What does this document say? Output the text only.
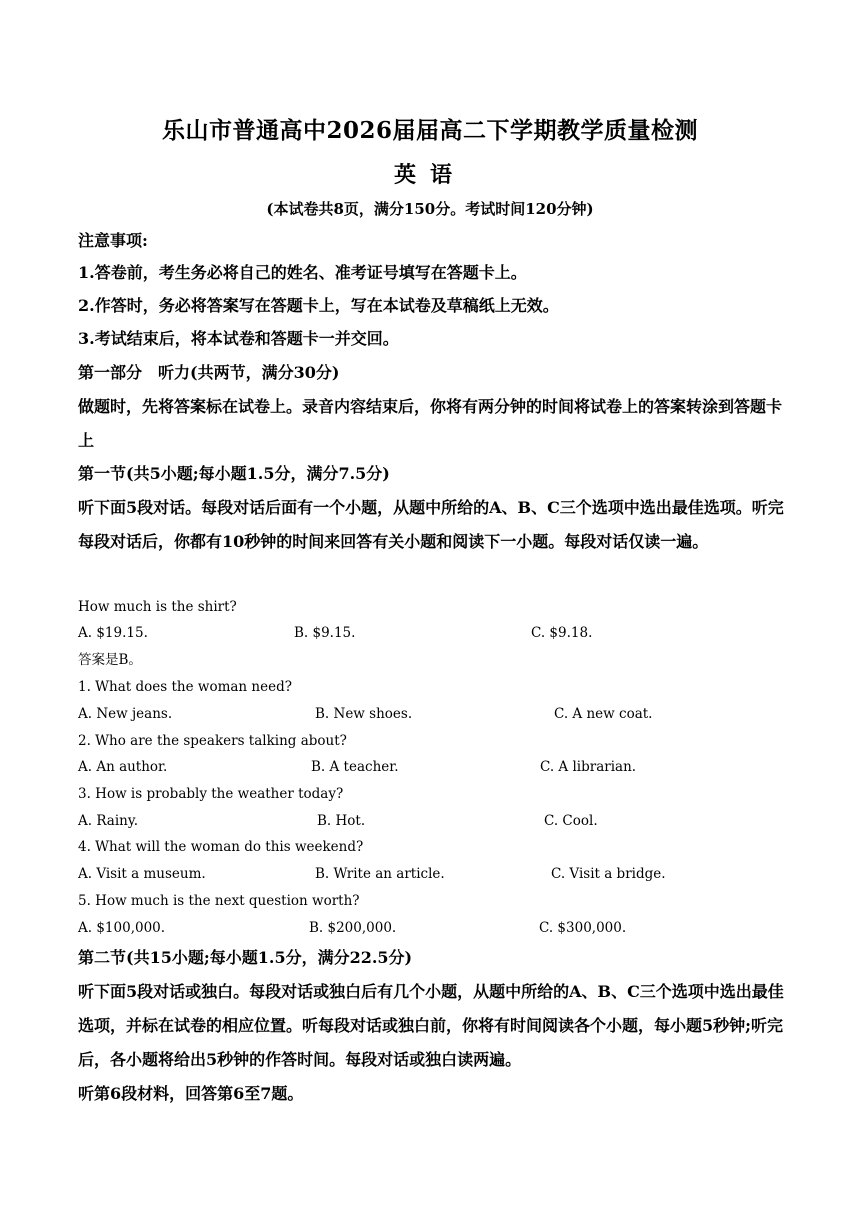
乐山市普通高中2026届届高二下学期教学质量检测
英语
(本试卷共8页，满分150分。考试时间120分钟)
注意事项:
1.答卷前，考生务必将自己的姓名、准考证号填写在答题卡上。
2.作答时，务必将答案写在答题卡上，写在本试卷及草稿纸上无效。
3.考试结束后，将本试卷和答题卡一并交回。
第一部分　听力(共两节，满分30分)
做题时，先将答案标在试卷上。录音内容结束后，你将有两分钟的时间将试卷上的答案转涂到答题卡上
第一节(共5小题;每小题1.5分，满分7.5分)
听下面5段对话。每段对话后面有一个小题，从题中所给的A、B、C三个选项中选出最佳选项。听完每段对话后，你都有10秒钟的时间来回答有关小题和阅读下一小题。每段对话仅读一遍。
How much is the shirt?
A. $19.15.	B. $9.15.	C. $9.18.
答案是B。
1. What does the woman need?
A. New jeans.	B. New shoes.	C. A new coat.
2. Who are the speakers talking about?
A. An author.	B. A teacher.	C. A librarian.
3. How is probably the weather today?
A. Rainy.	B. Hot.	C. Cool.
4. What will the woman do this weekend?
A. Visit a museum.	B. Write an article.	C. Visit a bridge.
5. How much is the next question worth?
A. $100,000.	B. $200,000.	C. $300,000.
第二节(共15小题;每小题1.5分，满分22.5分)
听下面5段对话或独白。每段对话或独白后有几个小题，从题中所给的A、B、C三个选项中选出最佳选项，并标在试卷的相应位置。听每段对话或独白前，你将有时间阅读各个小题，每小题5秒钟;听完后，各小题将给出5秒钟的作答时间。每段对话或独白读两遍。
听第6段材料，回答第6至7题。
